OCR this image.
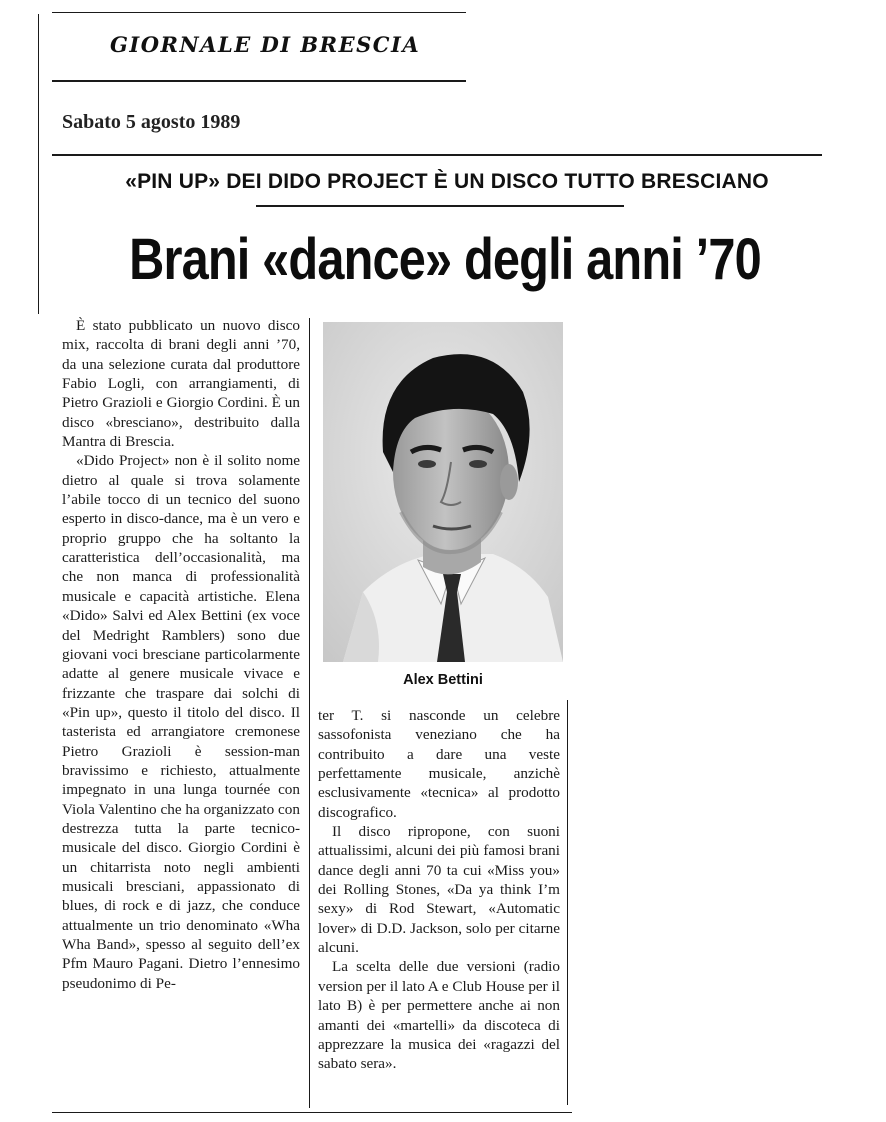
GIORNALE DI BRESCIA
Sabato 5 agosto 1989
«PIN UP» DEI DIDO PROJECT È UN DISCO TUTTO BRESCIANO
Brani «dance» degli anni ’70

È stato pubblicato un nuovo disco mix, raccolta di brani degli anni ’70, da una selezione curata dal produttore Fabio Logli, con arrangiamenti, di Pietro Grazioli e Giorgio Cordini. È un disco «bresciano», destribuito dalla Mantra di Brescia.

«Dido Project» non è il solito nome dietro al quale si trova solamente l’abile tocco di un tecnico del suono esperto in disco-dance, ma è un vero e proprio gruppo che ha soltanto la caratteristica dell’occasionalità, ma che non manca di professionalità musicale e capacità artistiche. Elena «Dido» Salvi ed Alex Bettini (ex voce del Medright Ramblers) sono due giovani voci bresciane particolarmente adatte al genere musicale vivace e frizzante che traspare dai solchi di «Pin up», questo il titolo del disco. Il tasterista ed arrangiatore cremonese Pietro Grazioli è session-man bravissimo e richiesto, attualmente impegnato in una lunga tournée con Viola Valentino che ha organizzato con destrezza tutta la parte tecnico-musicale del disco. Giorgio Cordini è un chitarrista noto negli ambienti musicali bresciani, appassionato di blues, di rock e di jazz, che conduce attualmente un trio denominato «Wha Wha Band», spesso al seguito dell’ex Pfm Mauro Pagani. Dietro l’ennesimo pseudonimo di Pe-

Alex Bettini

ter T. si nasconde un celebre sassofonista veneziano che ha contribuito a dare una veste perfettamente musicale, anzichè esclusivamente «tecnica» al prodotto discografico.

Il disco ripropone, con suoni attualissimi, alcuni dei più famosi brani dance degli anni 70 ta cui «Miss you» dei Rolling Stones, «Da ya think I’m sexy» di Rod Stewart, «Automatic lover» di D.D. Jackson, solo per citarne alcuni.

La scelta delle due versioni (radio version per il lato A e Club House per il lato B) è per permettere anche ai non amanti dei «martelli» da discoteca di apprezzare la musica dei «ragazzi del sabato sera».
